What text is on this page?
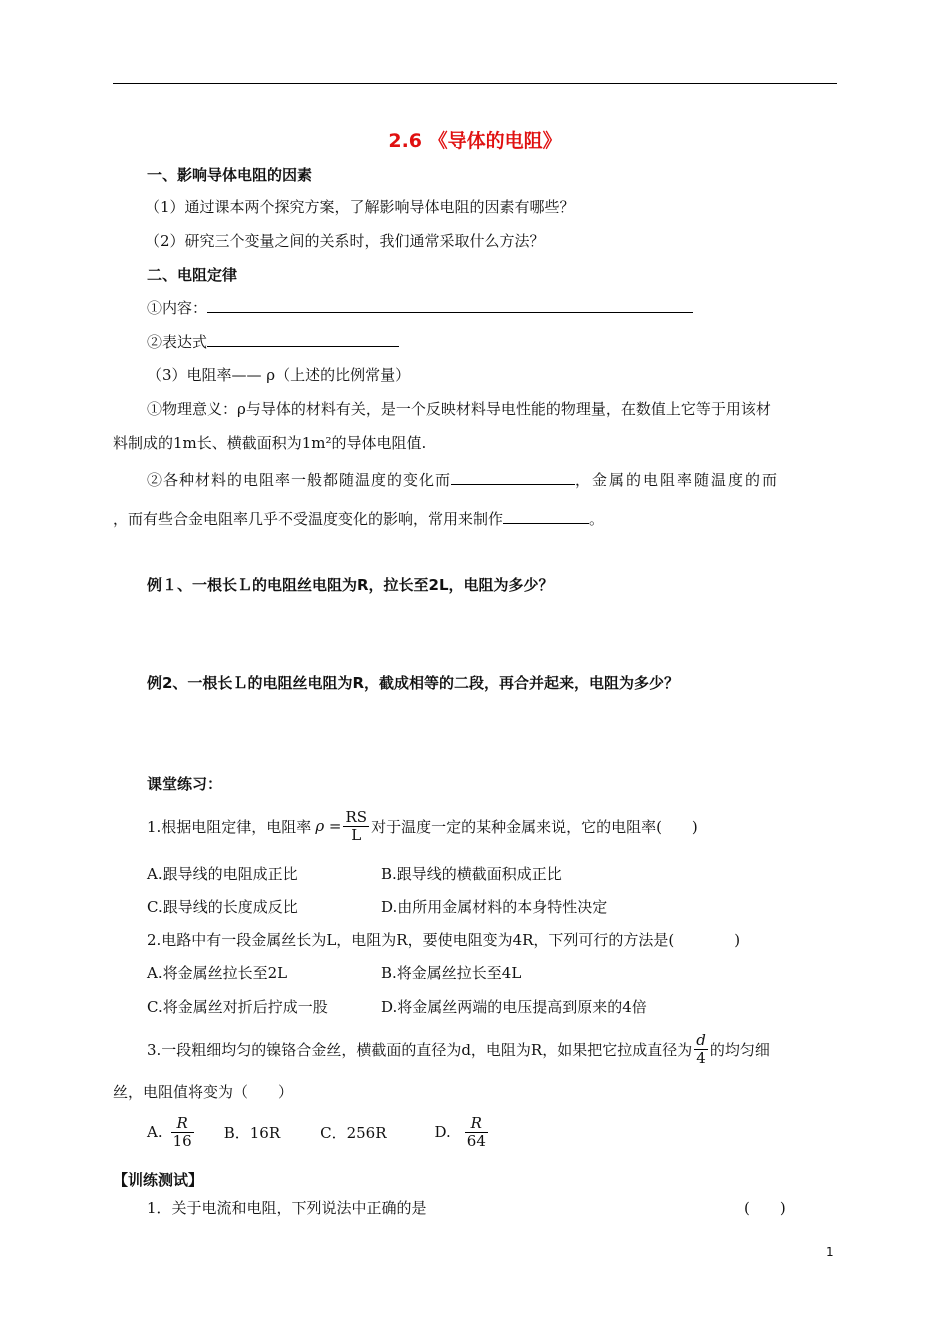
2.6 《导体的电阻》
一、影响导体电阻的因素
（1）通过课本两个探究方案，了解影响导体电阻的因素有哪些？
（2）研究三个变量之间的关系时，我们通常采取什么方法？
二、电阻定律
①内容：
②表达式
（3）电阻率—— ρ（上述的比例常量）
①物理意义：ρ与导体的材料有关，是一个反映材料导电性能的物理量，在数值上它等于用该材
料制成的1m长、横截面积为1m²的导体电阻值.
②各种材料的电阻率一般都随温度的变化而	，金属的电阻率随温度的而
，而有些合金电阻率几乎不受温度变化的影响，常用来制作	。
例１、一根长Ｌ的电阻丝电阻为R，拉长至2L，电阻为多少？
例2、一根长Ｌ的电阻丝电阻为R，截成相等的二段，再合并起来，电阻为多少？
课堂练习：
1.根据电阻定律，电阻率 $\rho = \frac{RS}{L}$ 对于温度一定的某种金属来说，它的电阻率(　　)
A.跟导线的电阻成正比	B.跟导线的横截面积成正比
C.跟导线的长度成反比	D.由所用金属材料的本身特性决定
2.电路中有一段金属丝长为L，电阻为R，要使电阻变为4R，下列可行的方法是(　　　　)
A.将金属丝拉长至2L	B.将金属丝拉长至4L
C.将金属丝对折后拧成一股	D.将金属丝两端的电压提高到原来的4倍
3.一段粗细均匀的镍铬合金丝，横截面的直径为d，电阻为R，如果把它拉成直径为 $\frac{d}{4}$ 的均匀细
丝，电阻值将变为（　　）
A. $\frac{R}{16}$ B．16R	C．256R	D. $\frac{R}{64}$
【训练测试】
1．关于电流和电阻，下列说法中正确的是	(　　)
1
